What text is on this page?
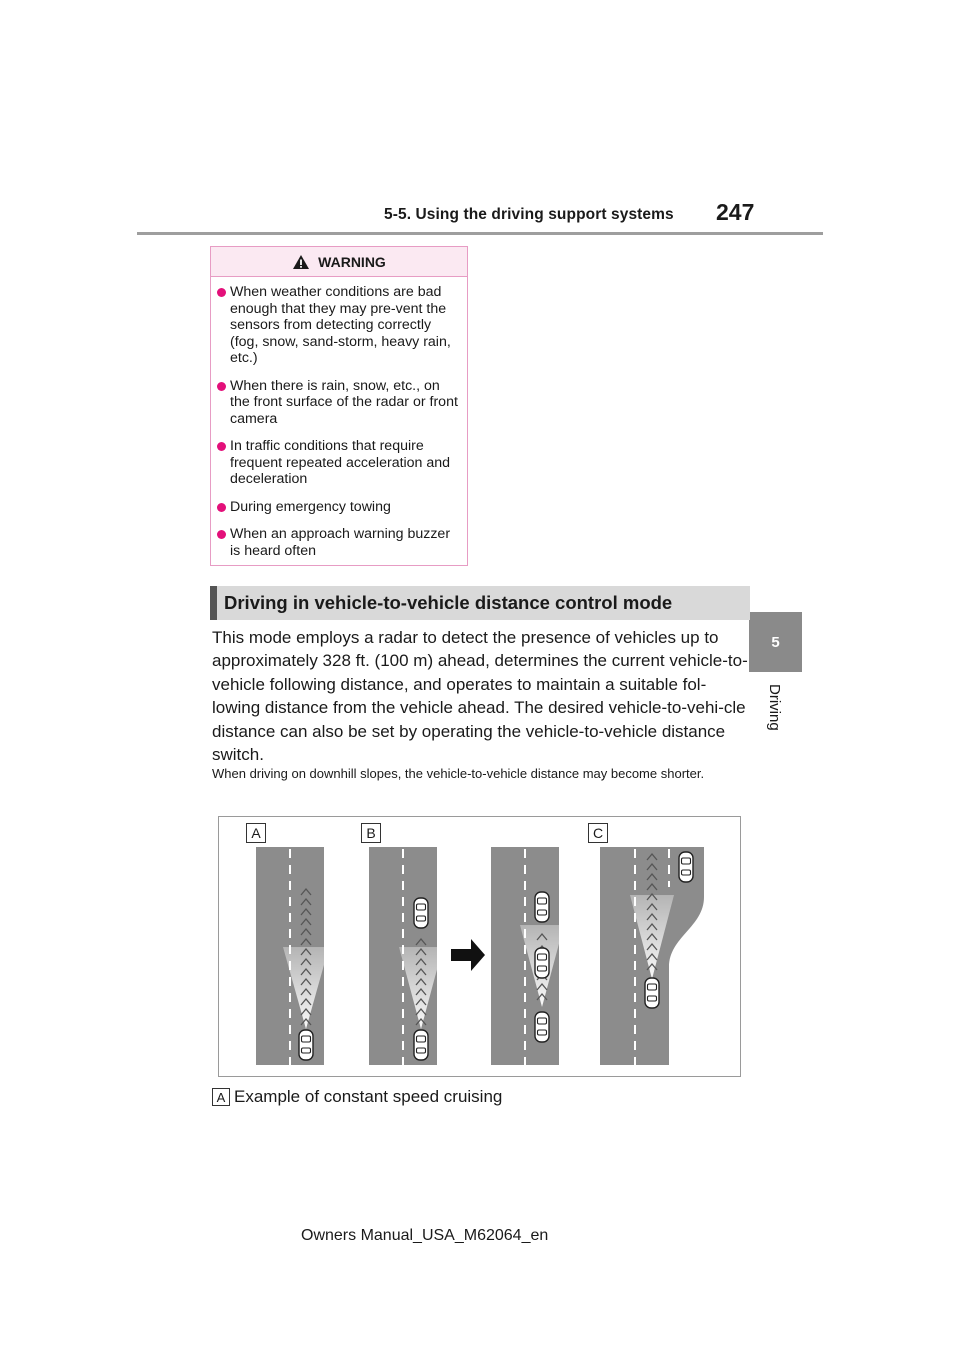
5-5. Using the driving support systems 247
5
Driving
WARNING
When weather conditions are bad enough that they may pre-vent the sensors from detecting correctly (fog, snow, sand-storm, heavy rain, etc.)
When there is rain, snow, etc., on the front surface of the radar or front camera
In traffic conditions that require frequent repeated acceleration and deceleration
During emergency towing
When an approach warning buzzer is heard often
Driving in vehicle-to-vehicle distance control mode

This mode employs a radar to detect the presence of vehicles up to approximately 328 ft. (100 m) ahead, determines the current vehicle-to-vehicle following distance, and operates to maintain a suitable fol-lowing distance from the vehicle ahead. The desired vehicle-to-vehi-cle distance can also be set by operating the vehicle-to-vehicle distance switch.

When driving on downhill slopes, the vehicle-to-vehicle distance may become shorter.

A	B	C
A Example of constant speed cruising
Owners Manual_USA_M62064_en
